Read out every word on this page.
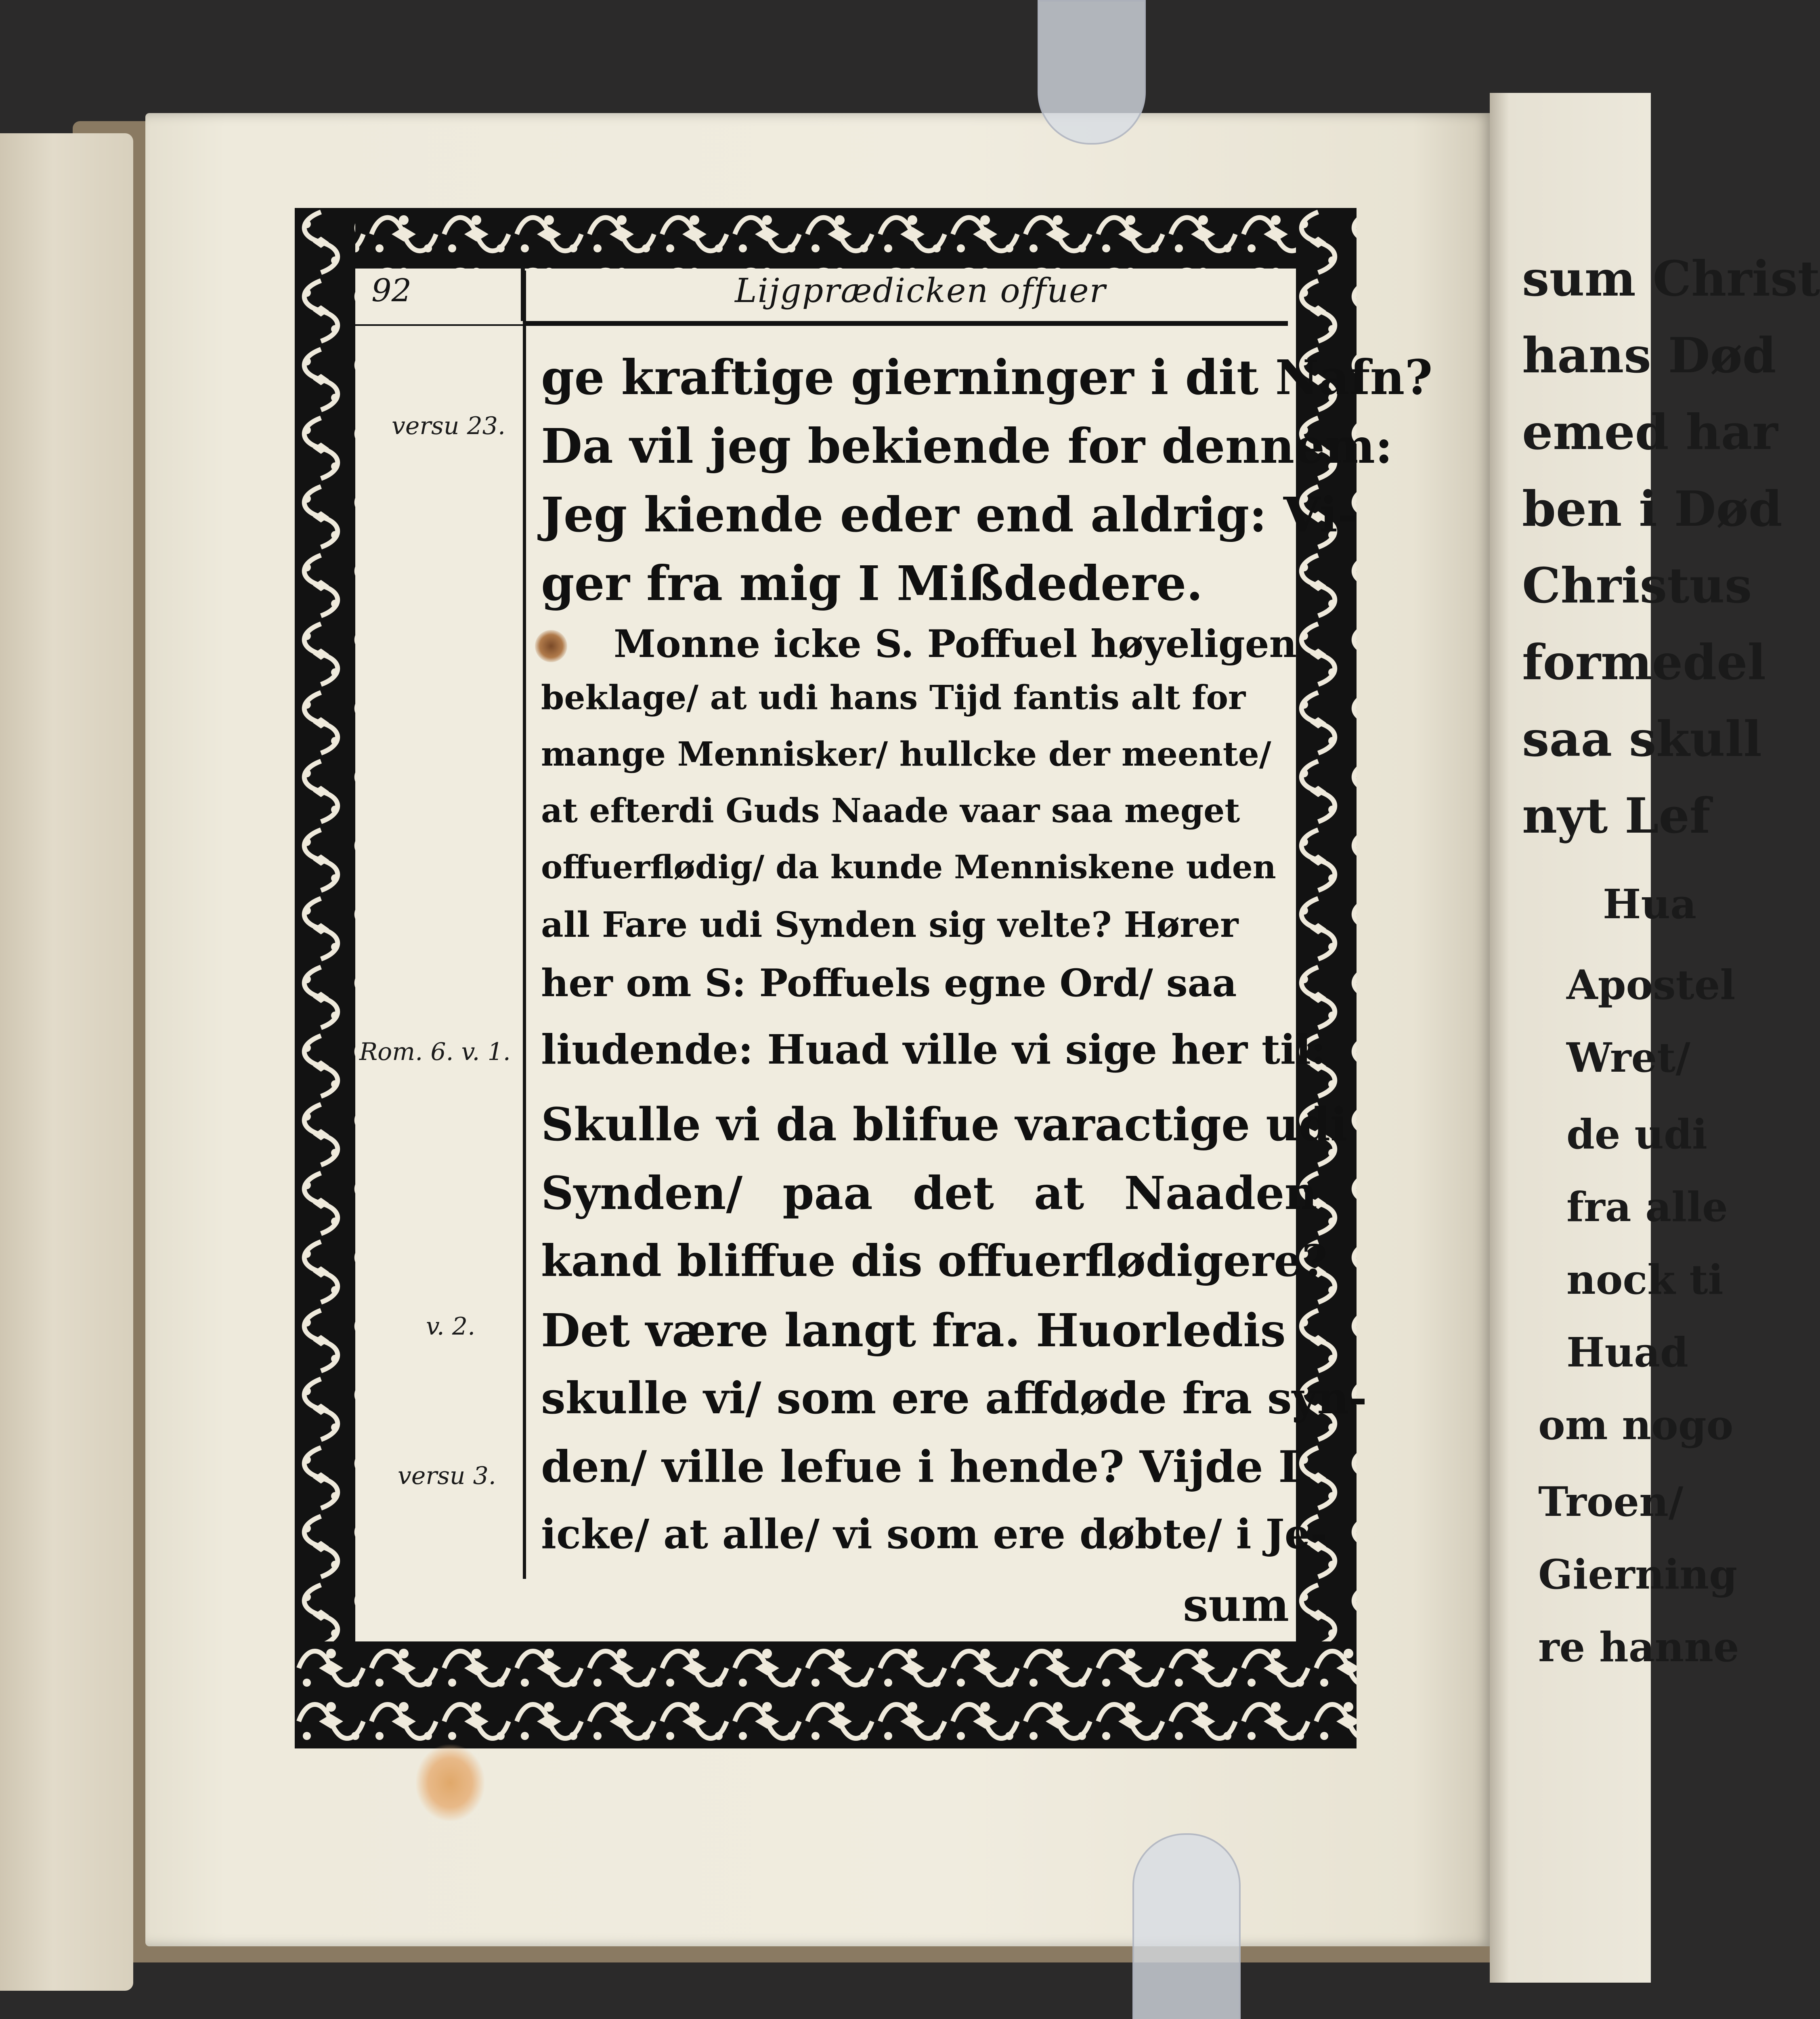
sum Christ
hans Død
emed har
ben i Død
Christus
formedel
saa skull
nyt Lef
Hua
Apostel
Wret/
de udi
fra alle
nock ti
Huad
om nogo
Troen/
Gierning
re hanne
92	Lijgprædicken offuer
versu 23.
Rom. 6. v. 1.
v. 2.
versu 3.
ge kraftige gierninger i dit Nafn?
Da vil jeg bekiende for dennem:
Jeg kiende eder end aldrig: Vi-
ger fra mig I Mißdedere.
Monne icke S. Poffuel høyeligen
beklage/ at udi hans Tijd fantis alt for
mange Mennisker/ hullcke der meente/
at efterdi Guds Naade vaar saa meget
offuerflødig/ da kunde Menniskene uden
all Fare udi Synden sig velte? Hører
her om S: Poffuels egne Ord/ saa
liudende: Huad ville vi sige her til:
Skulle vi da blifue varactige udi
Synden/ paa det at Naaden
kand bliffue dis offuerflødigere?
Det være langt fra. Huorledis
skulle vi/ som ere affdøde fra syn-
den/ ville lefue i hende? Vijde I
icke/ at alle/ vi som ere døbte/ i Je-
sum
